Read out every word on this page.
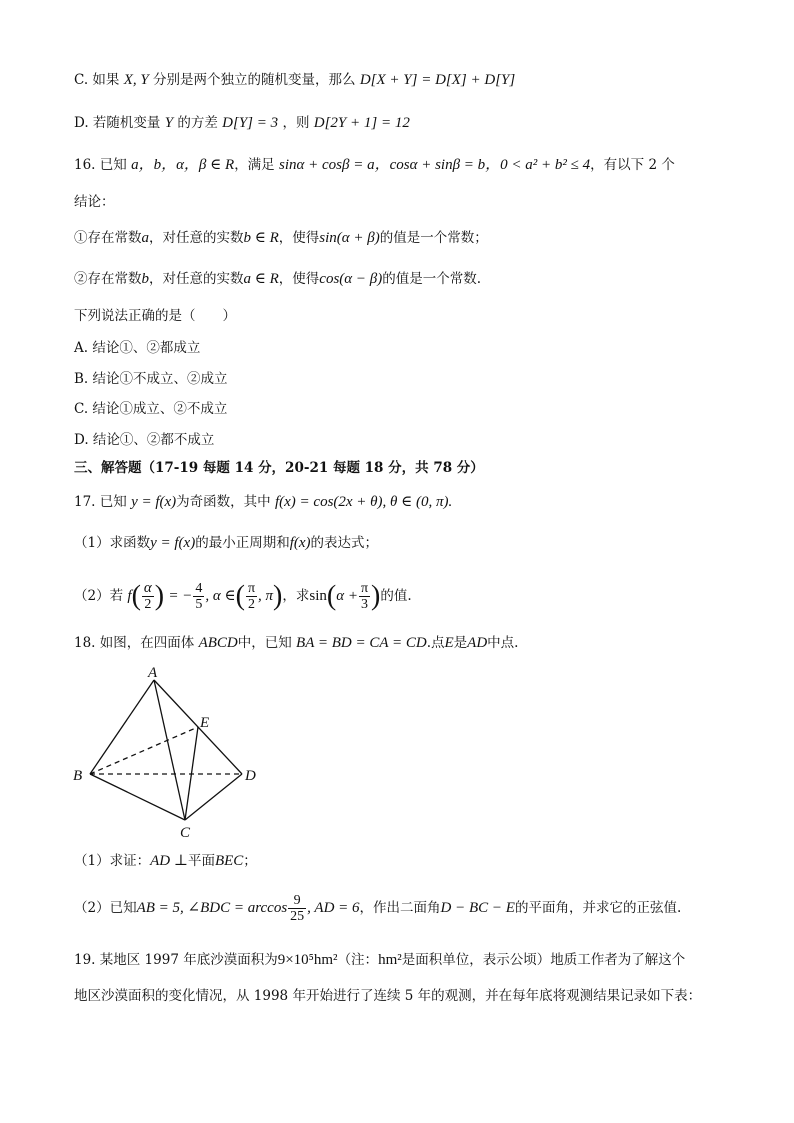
C. 如果 X, Y 分别是两个独立的随机变量，那么 D[X + Y] = D[X] + D[Y]
D. 若随机变量 Y 的方差 D[Y] = 3 ，则 D[2Y + 1] = 12
16. 已知 a，b，α，β ∈ R，满足 sinα + cosβ = a，cosα + sinβ = b，0 < a² + b² ≤ 4，有以下 2 个
结论：
①存在常数a，对任意的实数b ∈ R，使得sin(α + β)的值是一个常数；
②存在常数b，对任意的实数a ∈ R，使得cos(α − β)的值是一个常数.
下列说法正确的是（　　）
A. 结论①、②都成立
B. 结论①不成立、②成立
C. 结论①成立、②不成立
D. 结论①、②都不成立
三、解答题（17-19 每题 14 分，20-21 每题 18 分，共 78 分）
17. 已知 y = f(x)为奇函数，其中 f(x) = cos(2x + θ), θ ∈ (0, π).
（1）求函数y = f(x)的最小正周期和f(x)的表达式；
（2）若 $f( \frac{\alpha}{2}$ ) = − $\frac{4}{5}$ , α ∈( $\frac{\pi}{2}$ , π)，求$\sin(\alpha + \frac{\pi}{3}$ )的值.
18. 如图，在四面体 ABCD中，已知 BA = BD = CA = CD.点E是AD中点.
A
B
C
D
E
（1）求证：AD ⊥平面BEC；
（2）已知AB = 5, ∠BDC = $\arccos \frac{9}{25}$ , AD = 6，作出二面角D − BC − E的平面角，并求它的正弦值.
19. 某地区 1997 年底沙漠面积为9×10⁵hm²（注：hm²是面积单位，表示公顷）地质工作者为了解这个
地区沙漠面积的变化情况，从 1998 年开始进行了连续 5 年的观测，并在每年底将观测结果记录如下表：
